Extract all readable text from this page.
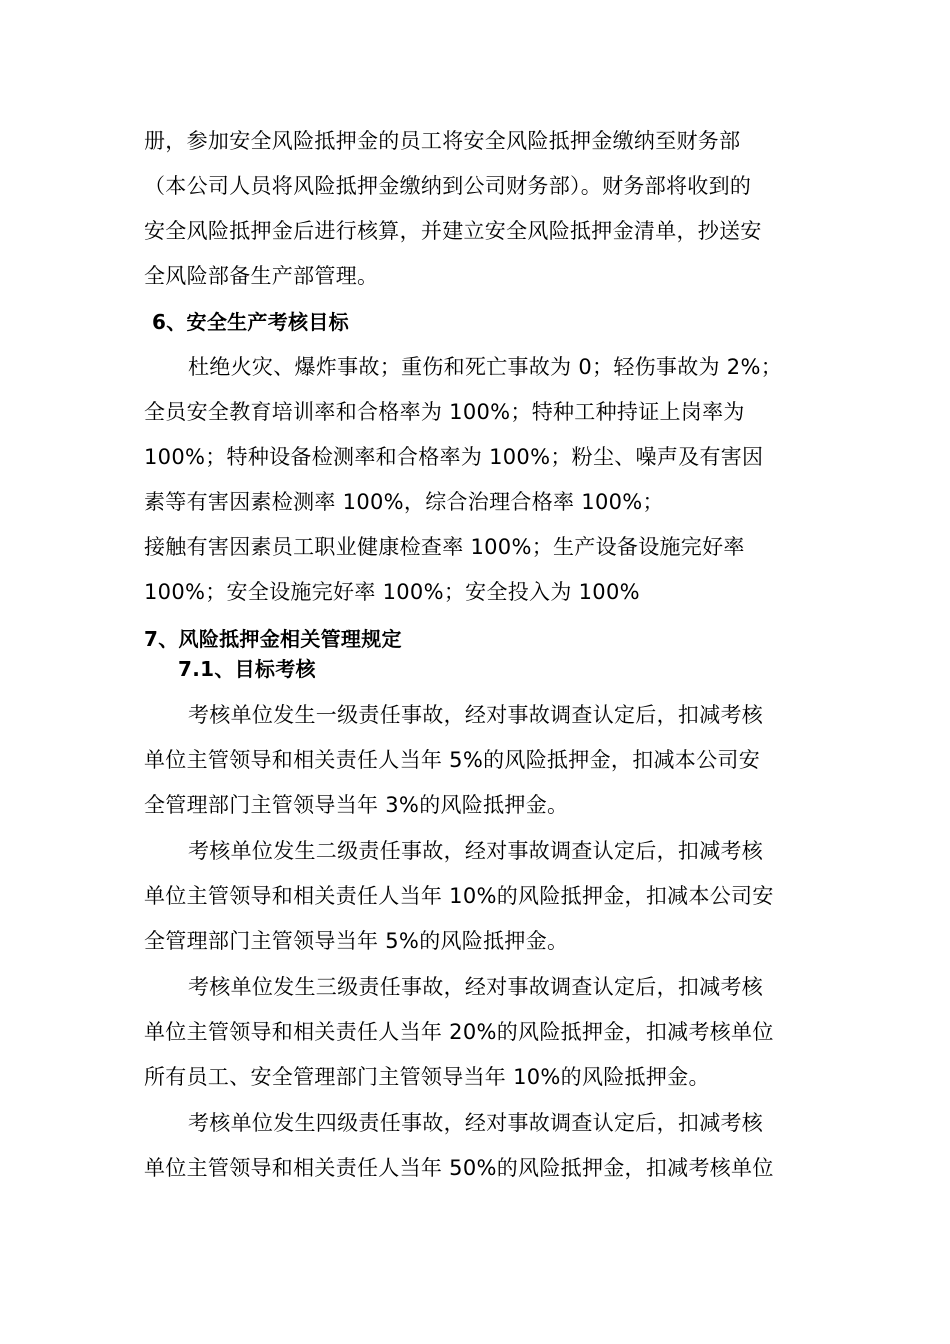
册，参加安全风险抵押金的员工将安全风险抵押金缴纳至财务部
（本公司人员将风险抵押金缴纳到公司财务部）。财务部将收到的
安全风险抵押金后进行核算，并建立安全风险抵押金清单，抄送安
全风险部备生产部管理。
6、安全生产考核目标
杜绝火灾、爆炸事故；重伤和死亡事故为 0；轻伤事故为 2%；
全员安全教育培训率和合格率为 100%；特种工种持证上岗率为
100%；特种设备检测率和合格率为 100%；粉尘、噪声及有害因
素等有害因素检测率 100%，综合治理合格率 100%；
接触有害因素员工职业健康检查率 100%；生产设备设施完好率
100%；安全设施完好率 100%；安全投入为 100%
7、风险抵押金相关管理规定
7.1、目标考核
考核单位发生一级责任事故，经对事故调查认定后，扣减考核
单位主管领导和相关责任人当年 5%的风险抵押金，扣减本公司安
全管理部门主管领导当年 3%的风险抵押金。
考核单位发生二级责任事故，经对事故调查认定后，扣减考核
单位主管领导和相关责任人当年 10%的风险抵押金，扣减本公司安
全管理部门主管领导当年 5%的风险抵押金。
考核单位发生三级责任事故，经对事故调查认定后，扣减考核
单位主管领导和相关责任人当年 20%的风险抵押金，扣减考核单位
所有员工、安全管理部门主管领导当年 10%的风险抵押金。
考核单位发生四级责任事故，经对事故调查认定后，扣减考核
单位主管领导和相关责任人当年 50%的风险抵押金，扣减考核单位
